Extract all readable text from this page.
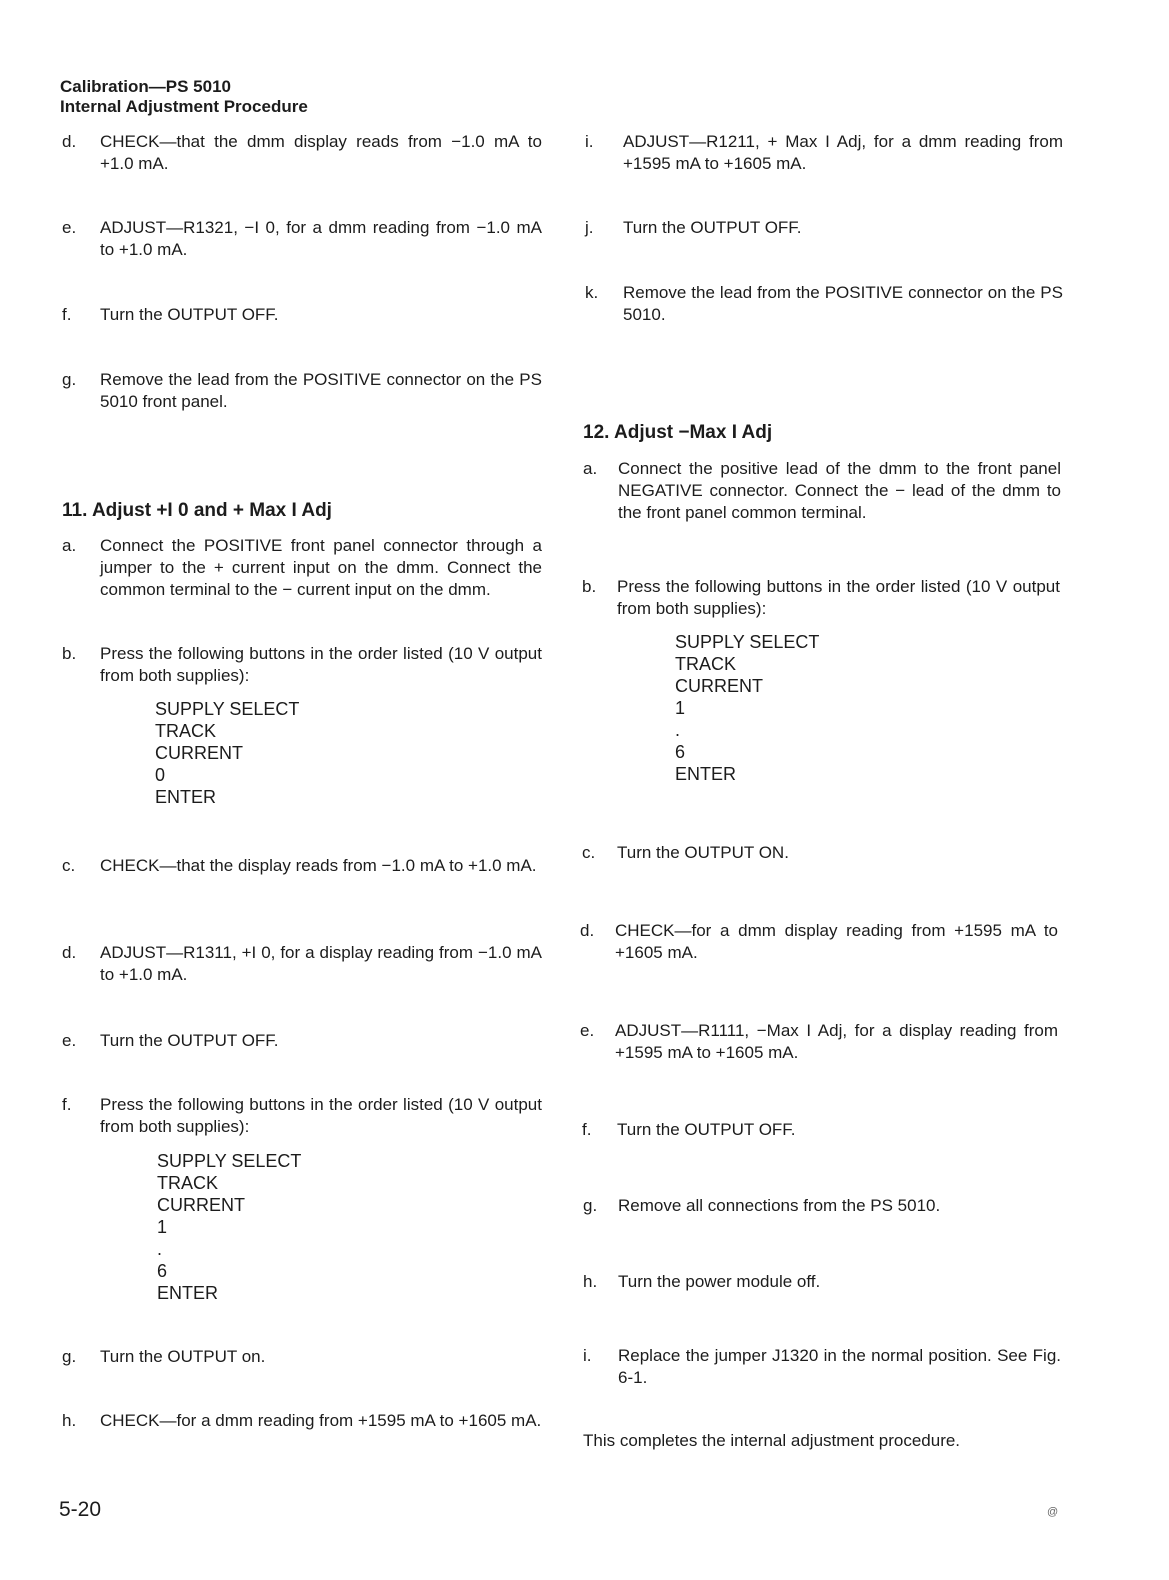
Calibration—PS 5010
Internal Adjustment Procedure
d. CHECK—that the dmm display reads from −1.0 mA to +1.0 mA.
e. ADJUST—R1321, −I 0, for a dmm reading from −1.0 mA to +1.0 mA.
f. Turn the OUTPUT OFF.
g. Remove the lead from the POSITIVE connector on the PS 5010 front panel.
11. Adjust +I 0 and + Max I Adj
a. Connect the POSITIVE front panel connector through a jumper to the + current input on the dmm. Connect the common terminal to the − current input on the dmm.
b. Press the following buttons in the order listed (10 V output from both supplies):
SUPPLY SELECT
TRACK
CURRENT
0
ENTER
c. CHECK—that the display reads from −1.0 mA to +1.0 mA.
d. ADJUST—R1311, +I 0, for a display reading from −1.0 mA to +1.0 mA.
e. Turn the OUTPUT OFF.
f. Press the following buttons in the order listed (10 V output from both supplies):
SUPPLY SELECT
TRACK
CURRENT
1
.
6
ENTER
g. Turn the OUTPUT on.
h. CHECK—for a dmm reading from +1595 mA to +1605 mA.
i. ADJUST—R1211, + Max I Adj, for a dmm reading from +1595 mA to +1605 mA.
j. Turn the OUTPUT OFF.
k. Remove the lead from the POSITIVE connector on the PS 5010.
12. Adjust −Max I Adj
a. Connect the positive lead of the dmm to the front panel NEGATIVE connector. Connect the − lead of the dmm to the front panel common terminal.
b. Press the following buttons in the order listed (10 V output from both supplies):
SUPPLY SELECT
TRACK
CURRENT
1
.
6
ENTER
c. Turn the OUTPUT ON.
d. CHECK—for a dmm display reading from +1595 mA to +1605 mA.
e. ADJUST—R1111, −Max I Adj, for a display reading from +1595 mA to +1605 mA.
f. Turn the OUTPUT OFF.
g. Remove all connections from the PS 5010.
h. Turn the power module off.
i. Replace the jumper J1320 in the normal position. See Fig. 6-1.
This completes the internal adjustment procedure.
5-20	@
